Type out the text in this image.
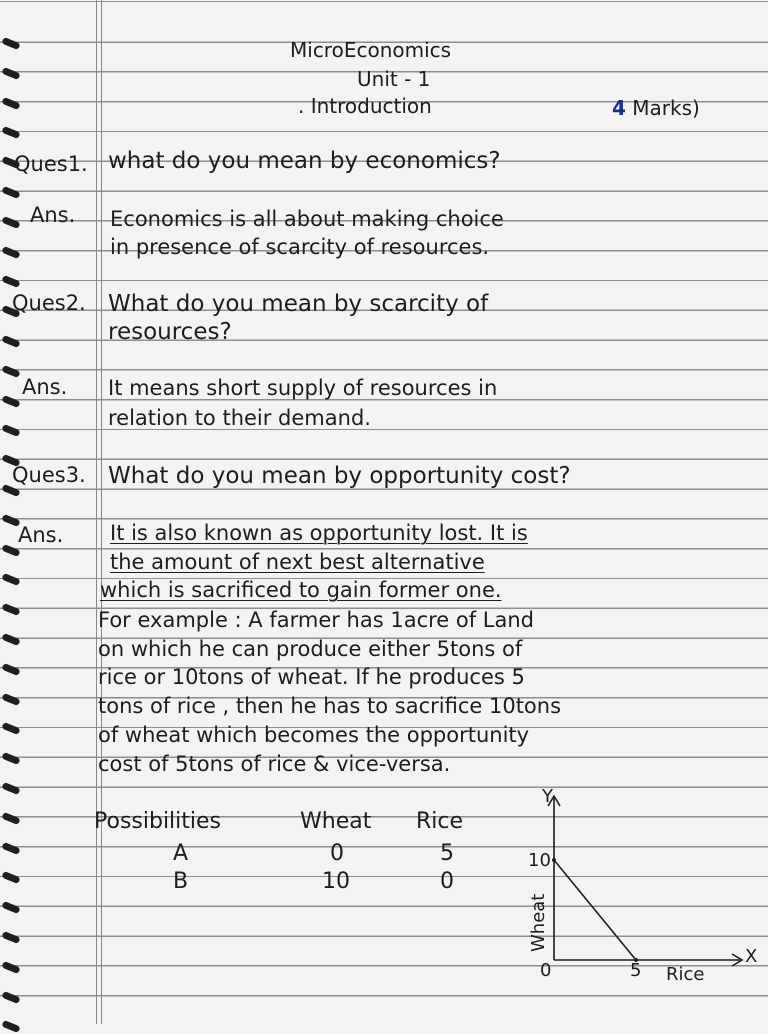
MicroEconomics
Unit - 1
. Introduction	4 Marks)
Ques1. what do you mean by economics?
Ans. Economics is all about making choice
in presence of scarcity of resources.
Ques2. What do you mean by scarcity of
resources?
Ans. It means short supply of resources in
relation to their demand.
Ques3. What do you mean by opportunity cost?
Ans. It is also known as opportunity lost. It is
the amount of next best alternative
which is sacrificed to gain former one.
For example : A farmer has 1acre of Land
on which he can produce either 5tons of
rice or 10tons of wheat. If he produces 5
tons of rice , then he has to sacrifice 10tons
of wheat which becomes the opportunity
cost of 5tons of rice & vice-versa.
Possibilities	Wheat Rice
A	0	5
B	10	0
Y
X
0
10
5 Rice
Wheat
